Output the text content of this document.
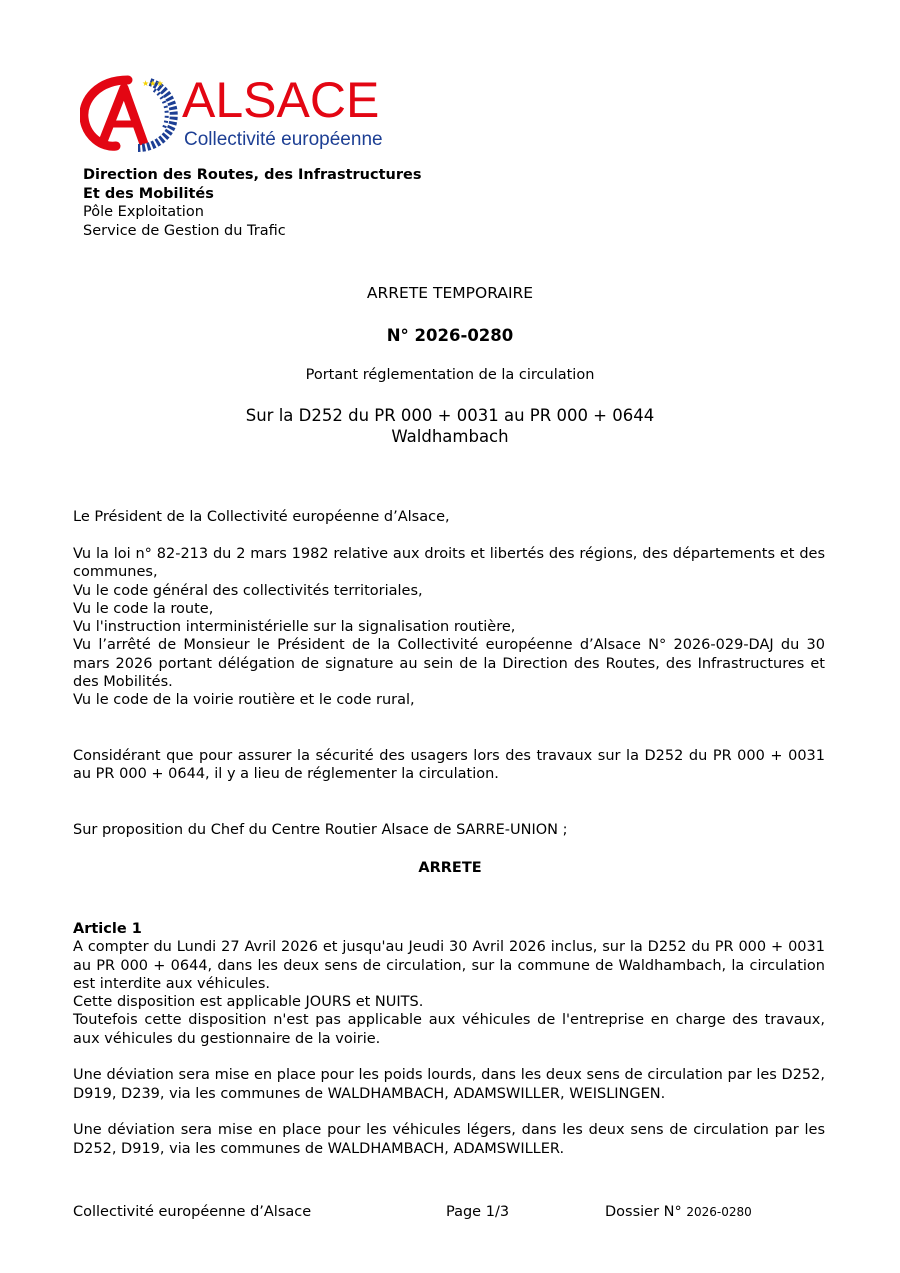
★★★ ALSACE
Collectivité européenne
Direction des Routes, des Infrastructures
Et des Mobilités
Pôle Exploitation
Service de Gestion du Trafic
ARRETE TEMPORAIRE
N° 2026-0280
Portant réglementation de la circulation
Sur la D252 du PR 000 + 0031 au PR 000 + 0644
Waldhambach

Le Président de la Collectivité européenne d’Alsace,

Vu la loi n° 82-213 du 2 mars 1982 relative aux droits et libertés des régions, des départements et des communes,

Vu le code général des collectivités territoriales,

Vu le code la route,

Vu l'instruction interministérielle sur la signalisation routière,

Vu l’arrêté de Monsieur le Président de la Collectivité européenne d’Alsace N° 2026-029-DAJ du 30 mars 2026 portant délégation de signature au sein de la Direction des Routes, des Infrastructures et des Mobilités.

Vu le code de la voirie routière et le code rural,

Considérant que pour assurer la sécurité des usagers lors des travaux sur la D252 du PR 000 + 0031 au PR 000 + 0644, il y a lieu de réglementer la circulation.

Sur proposition du Chef du Centre Routier Alsace de SARRE-UNION ;

ARRETE

Article 1

A compter du Lundi 27 Avril 2026 et jusqu'au Jeudi 30 Avril 2026 inclus, sur la D252 du PR 000 + 0031 au PR 000 + 0644, dans les deux sens de circulation, sur la commune de Waldhambach, la circulation est interdite aux véhicules.

Cette disposition est applicable JOURS et NUITS.

Toutefois cette disposition n'est pas applicable aux véhicules de l'entreprise en charge des travaux, aux véhicules du gestionnaire de la voirie.

Une déviation sera mise en place pour les poids lourds, dans les deux sens de circulation par les D252, D919, D239, via les communes de WALDHAMBACH, ADAMSWILLER, WEISLINGEN.

Une déviation sera mise en place pour les véhicules légers, dans les deux sens de circulation par les D252, D919, via les communes de WALDHAMBACH, ADAMSWILLER.

Collectivité européenne d’Alsace	Page 1/3	Dossier N° 2026-0280
